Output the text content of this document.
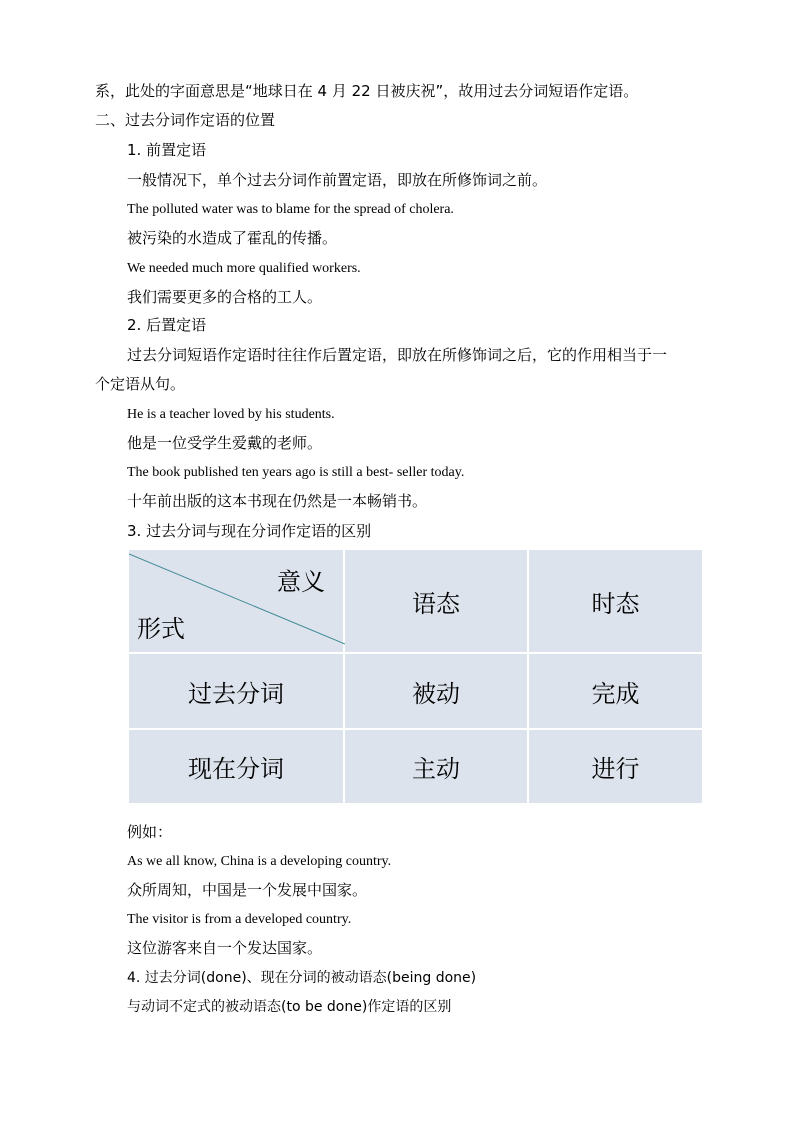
系，此处的字面意思是“地球日在 4 月 22 日被庆祝”，故用过去分词短语作定语。
二、过去分词作定语的位置
1. 前置定语
一般情况下，单个过去分词作前置定语，即放在所修饰词之前。
The polluted water was to blame for the spread of cholera.
被污染的水造成了霍乱的传播。
We needed much more qualified workers.
我们需要更多的合格的工人。
2. 后置定语
过去分词短语作定语时往往作后置定语，即放在所修饰词之后，它的作用相当于一
个定语从句。
He is a teacher loved by his students.
他是一位受学生爱戴的老师。
The book published ten years ago is still a best- seller today.
十年前出版的这本书现在仍然是一本畅销书。
3. 过去分词与现在分词作定语的区别
意义
形式	语态	时态
过去分词	被动	完成
现在分词	主动	进行
例如：
As we all know, China is a developing country.
众所周知，中国是一个发展中国家。
The visitor is from a developed country.
这位游客来自一个发达国家。
4. 过去分词(done)、现在分词的被动语态(being done)
与动词不定式的被动语态(to be done)作定语的区别
